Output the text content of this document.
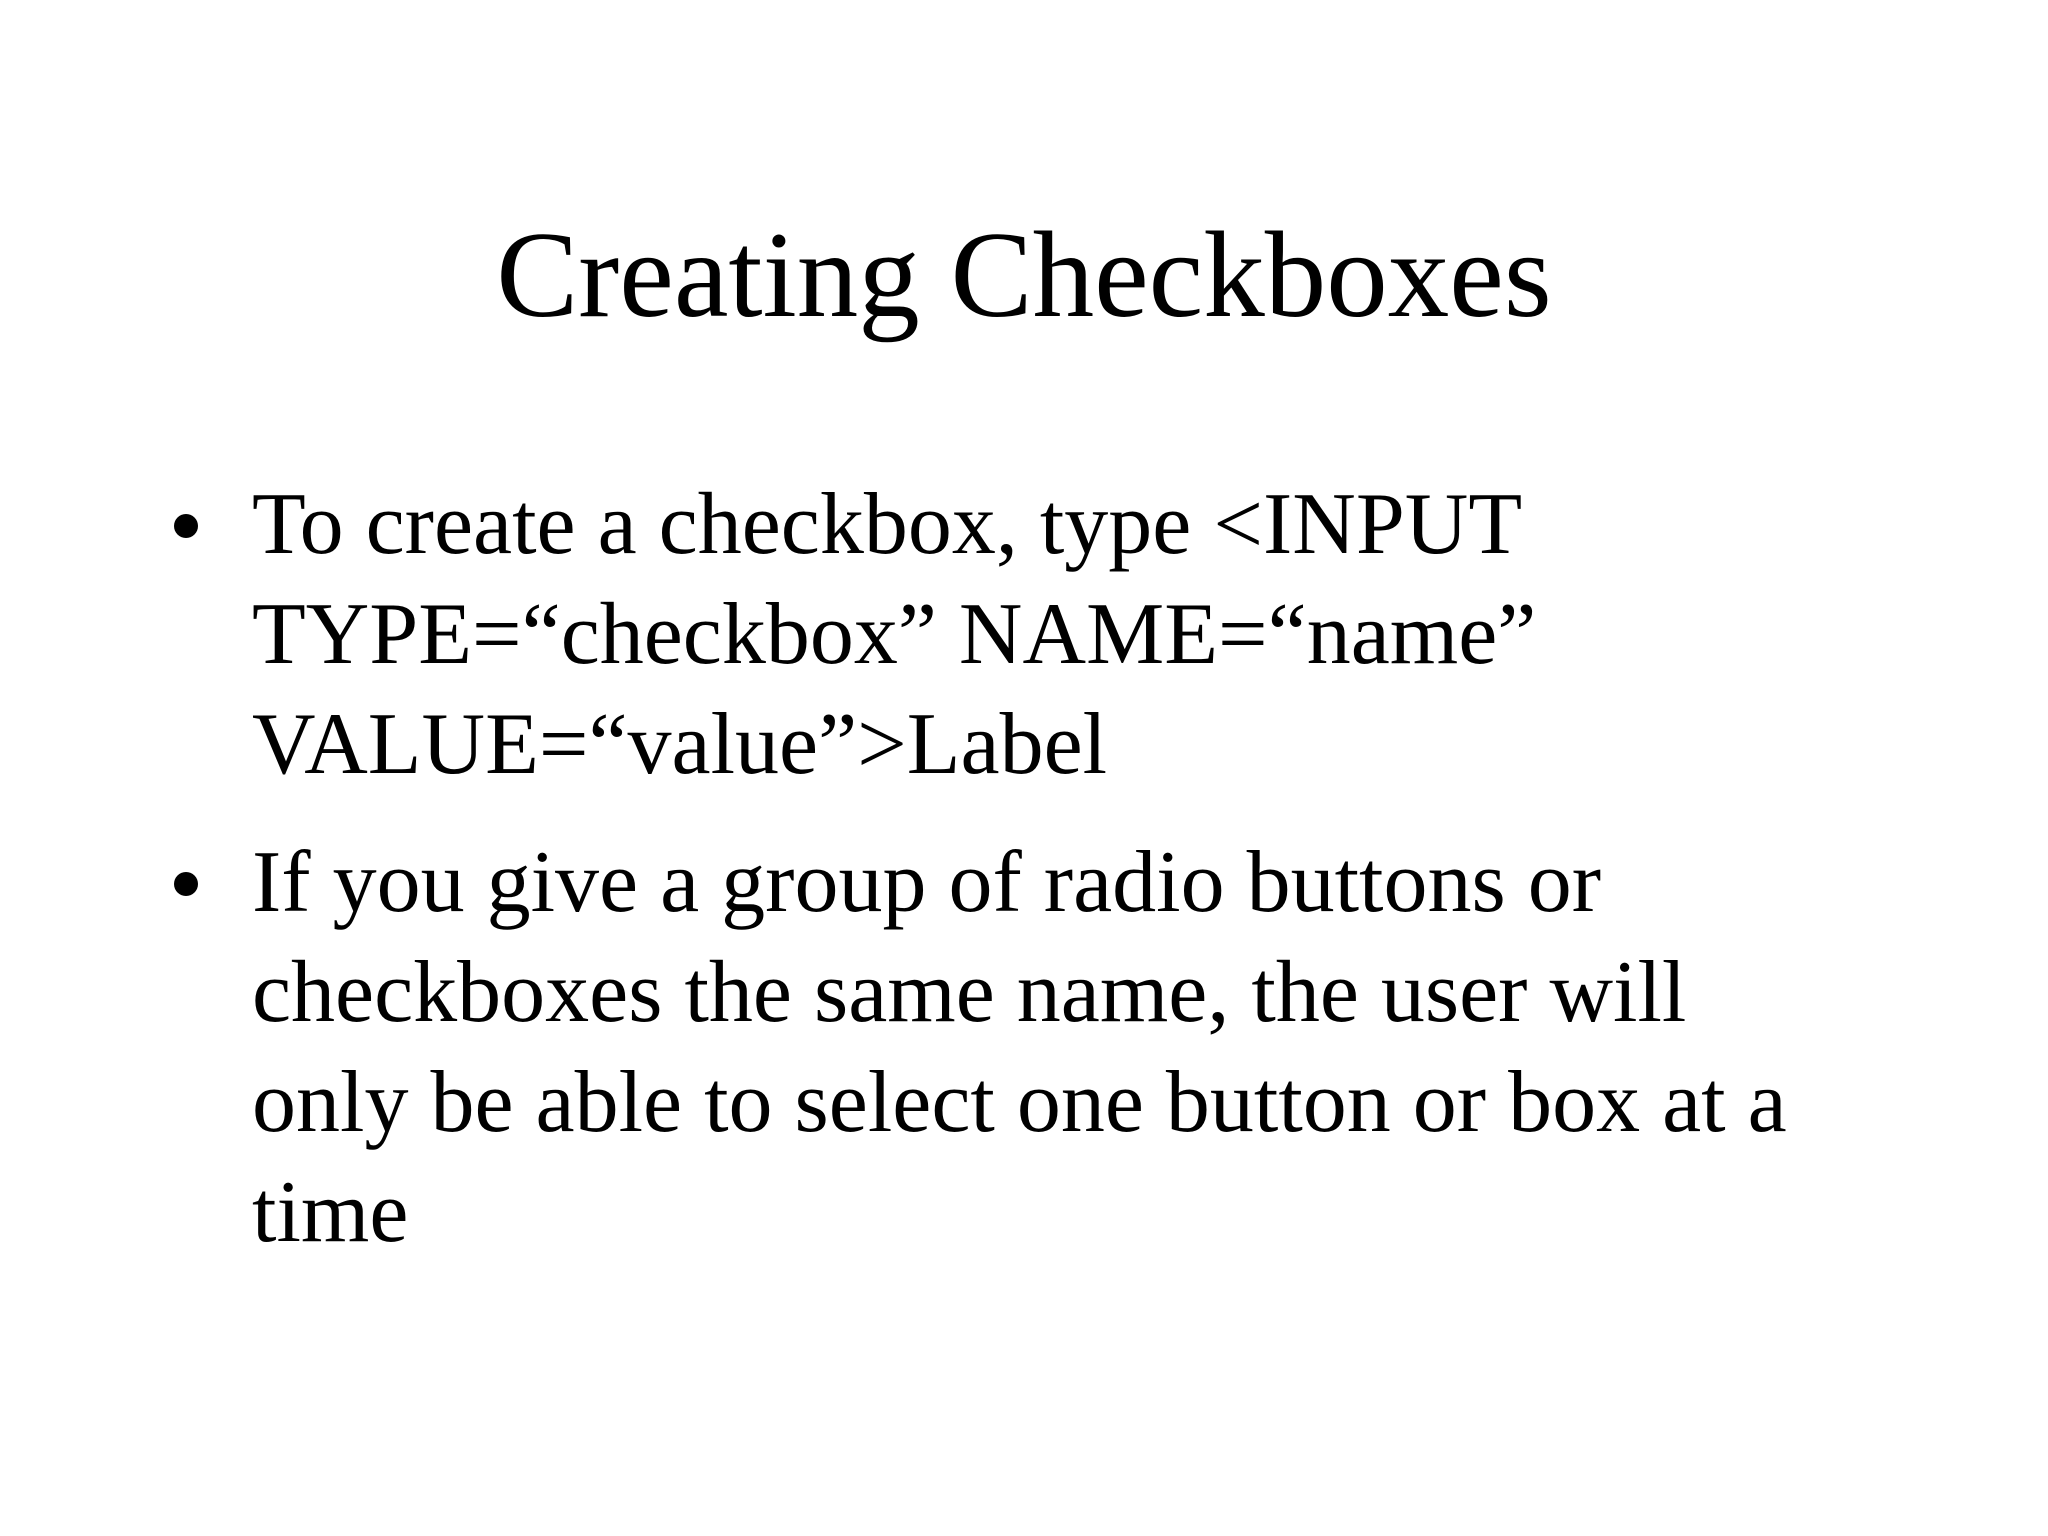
Creating Checkboxes
To create a checkbox, type <INPUT
TYPE=“checkbox” NAME=“name”
VALUE=“value”>Label
If you give a group of radio buttons or
checkboxes the same name, the user will
only be able to select one button or box at a
time
